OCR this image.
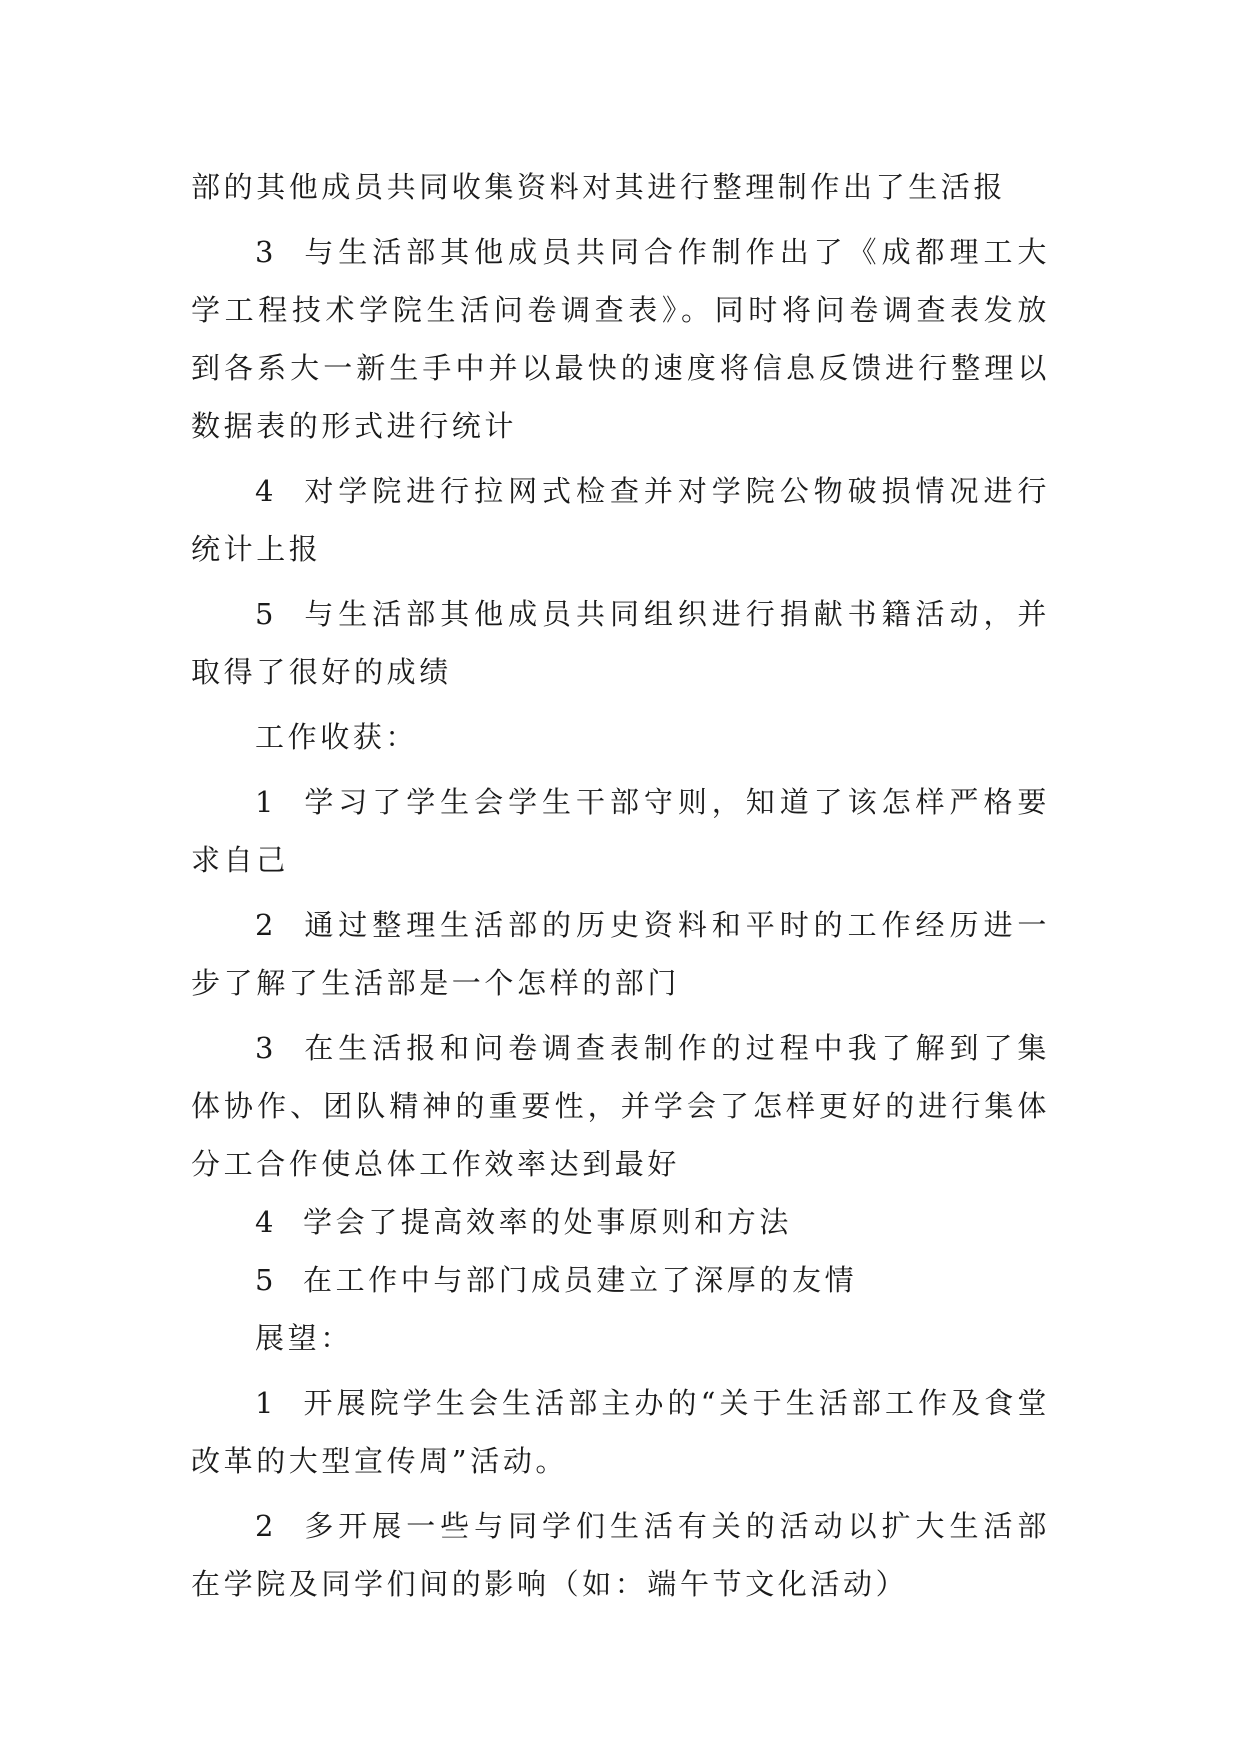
部的其他成员共同收集资料对其进行整理制作出了生活报

3 与生活部其他成员共同合作制作出了《成都理工大学工程技术学院生活问卷调查表》。同时将问卷调查表发放到各系大一新生手中并以最快的速度将信息反馈进行整理以数据表的形式进行统计

4 对学院进行拉网式检查并对学院公物破损情况进行统计上报

5 与生活部其他成员共同组织进行捐献书籍活动，并取得了很好的成绩

工作收获：

1 学习了学生会学生干部守则，知道了该怎样严格要求自己

2 通过整理生活部的历史资料和平时的工作经历进一步了解了生活部是一个怎样的部门

3 在生活报和问卷调查表制作的过程中我了解到了集体协作、团队精神的重要性，并学会了怎样更好的进行集体分工合作使总体工作效率达到最好

4 学会了提高效率的处事原则和方法

5 在工作中与部门成员建立了深厚的友情

展望：

1 开展院学生会生活部主办的“关于生活部工作及食堂改革的大型宣传周”活动。

2 多开展一些与同学们生活有关的活动以扩大生活部在学院及同学们间的影响（如：端午节文化活动）
